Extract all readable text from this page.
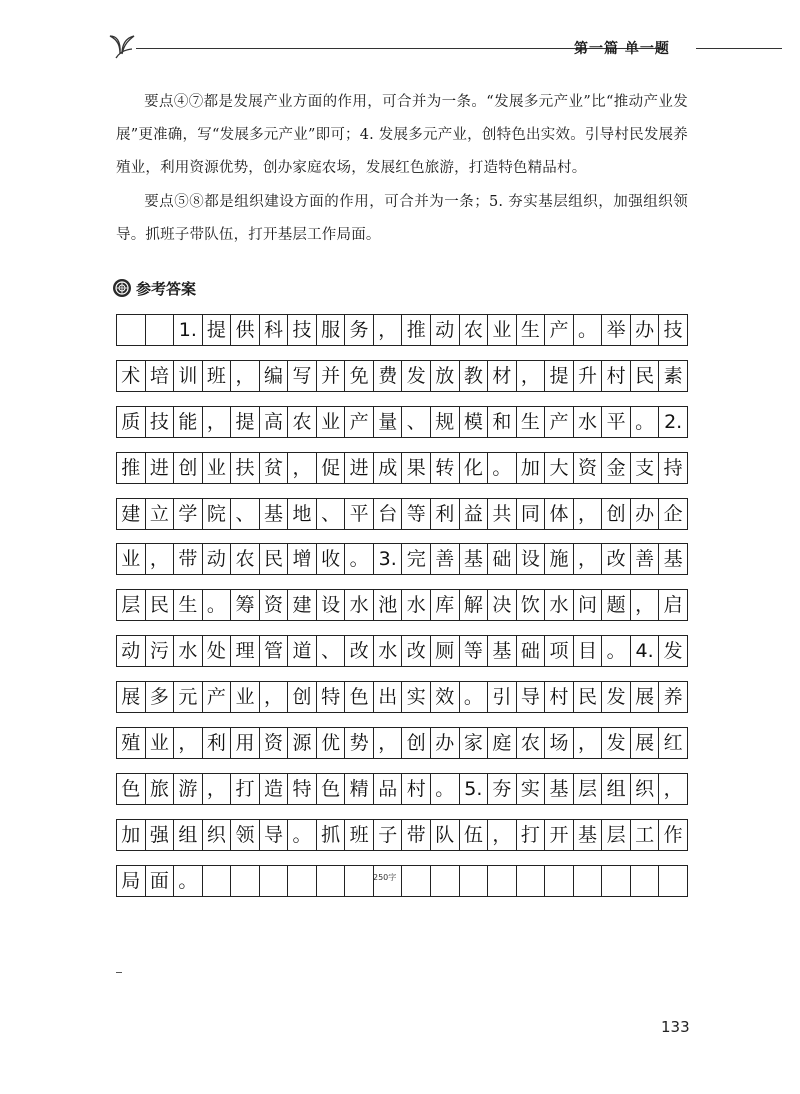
第一篇 单一题

要点④⑦都是发展产业方面的作用，可合并为一条。“发展多元产业”比“推动产业发展”更准确，写“发展多元产业”即可；4. 发展多元产业，创特色出实效。引导村民发展养殖业，利用资源优势，创办家庭农场，发展红色旅游，打造特色精品村。

要点⑤⑧都是组织建设方面的作用，可合并为一条；5. 夯实基层组织，加强组织领导。抓班子带队伍，打开基层工作局面。

参考答案
1. 提 供 科 技 服 务 ， 推 动 农 业 生 产 。 举 办 技
术 培 训 班 ， 编 写 并 免 费 发 放 教 材 ， 提 升 村 民 素
质 技 能 ， 提 高 农 业 产 量 、 规 模 和 生 产 水 平 。 2.
推 进 创 业 扶 贫 ， 促 进 成 果 转 化 。 加 大 资 金 支 持
建 立 学 院 、 基 地 、 平 台 等 利 益 共 同 体 ， 创 办 企
业 ， 带 动 农 民 增 收 。 3. 完 善 基 础 设 施 ， 改 善 基
层 民 生 。 筹 资 建 设 水 池 水 库 解 决 饮 水 问 题 ， 启
动 污 水 处 理 管 道 、 改 水 改 厕 等 基 础 项 目 。 4. 发
展 多 元 产 业 ， 创 特 色 出 实 效 。 引 导 村 民 发 展 养
殖 业 ， 利 用 资 源 优 势 ， 创 办 家 庭 农 场 ， 发 展 红
色 旅 游 ， 打 造 特 色 精 品 村 。 5. 夯 实 基 层 组 织 ，
加 强 组 织 领 导 。 抓 班 子 带 队 伍 ， 打 开 基 层 工 作
局 面 。	250字
133
